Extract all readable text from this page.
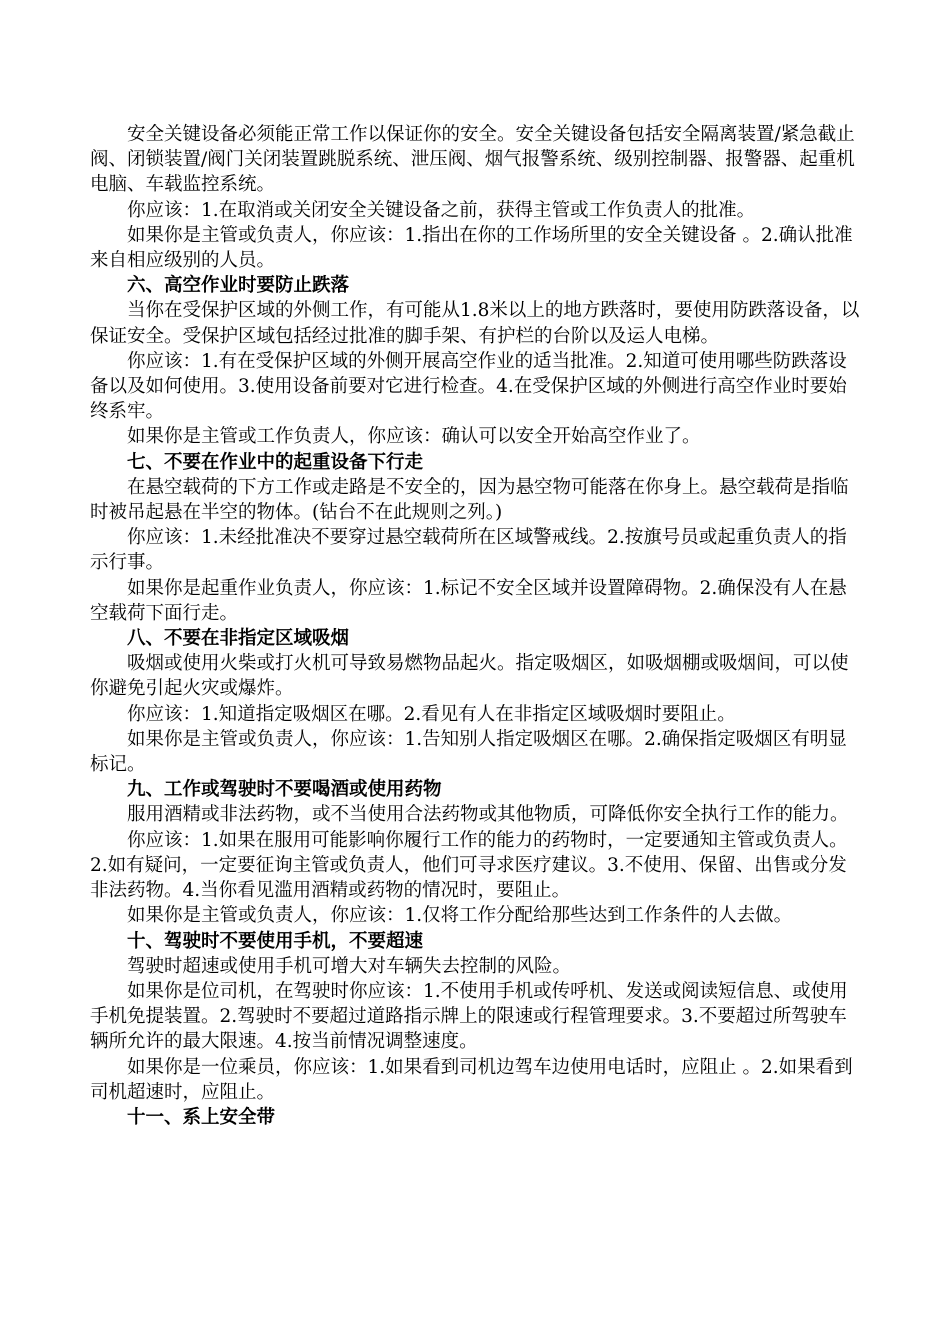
安全关键设备必须能正常工作以保证你的安全。安全关键设备包括安全隔离装置/紧急截止阀、闭锁装置/阀门关闭装置跳脱系统、泄压阀、烟气报警系统、级别控制器、报警器、起重机电脑、车载监控系统。

你应该：1.在取消或关闭安全关键设备之前，获得主管或工作负责人的批准。

如果你是主管或负责人，你应该：1.指出在你的工作场所里的安全关键设备 。2.确认批准来自相应级别的人员。

六、高空作业时要防止跌落

当你在受保护区域的外侧工作，有可能从1.8米以上的地方跌落时，要使用防跌落设备，以保证安全。受保护区域包括经过批准的脚手架、有护栏的台阶以及运人电梯。

你应该：1.有在受保护区域的外侧开展高空作业的适当批准。2.知道可使用哪些防跌落设备以及如何使用。3.使用设备前要对它进行检查。4.在受保护区域的外侧进行高空作业时要始终系牢。

如果你是主管或工作负责人，你应该：确认可以安全开始高空作业了。

七、不要在作业中的起重设备下行走

在悬空载荷的下方工作或走路是不安全的，因为悬空物可能落在你身上。悬空载荷是指临时被吊起悬在半空的物体。(钻台不在此规则之列。)

你应该：1.未经批准决不要穿过悬空载荷所在区域警戒线。2.按旗号员或起重负责人的指示行事。

如果你是起重作业负责人，你应该：1.标记不安全区域并设置障碍物。2.确保没有人在悬空载荷下面行走。

八、不要在非指定区域吸烟

吸烟或使用火柴或打火机可导致易燃物品起火。指定吸烟区，如吸烟棚或吸烟间，可以使你避免引起火灾或爆炸。

你应该：1.知道指定吸烟区在哪。2.看见有人在非指定区域吸烟时要阻止。

如果你是主管或负责人，你应该：1.告知别人指定吸烟区在哪。2.确保指定吸烟区有明显标记。

九、工作或驾驶时不要喝酒或使用药物

服用酒精或非法药物，或不当使用合法药物或其他物质，可降低你安全执行工作的能力。

你应该：1.如果在服用可能影响你履行工作的能力的药物时，一定要通知主管或负责人。2.如有疑问，一定要征询主管或负责人，他们可寻求医疗建议。3.不使用、保留、出售或分发非法药物。4.当你看见滥用酒精或药物的情况时，要阻止。

如果你是主管或负责人，你应该：1.仅将工作分配给那些达到工作条件的人去做。

十、驾驶时不要使用手机，不要超速

驾驶时超速或使用手机可增大对车辆失去控制的风险。

如果你是位司机，在驾驶时你应该：1.不使用手机或传呼机、发送或阅读短信息、或使用手机免提装置。2.驾驶时不要超过道路指示牌上的限速或行程管理要求。3.不要超过所驾驶车辆所允许的最大限速。4.按当前情况调整速度。

如果你是一位乘员，你应该：1.如果看到司机边驾车边使用电话时，应阻止 。2.如果看到司机超速时，应阻止。

十一、系上安全带
